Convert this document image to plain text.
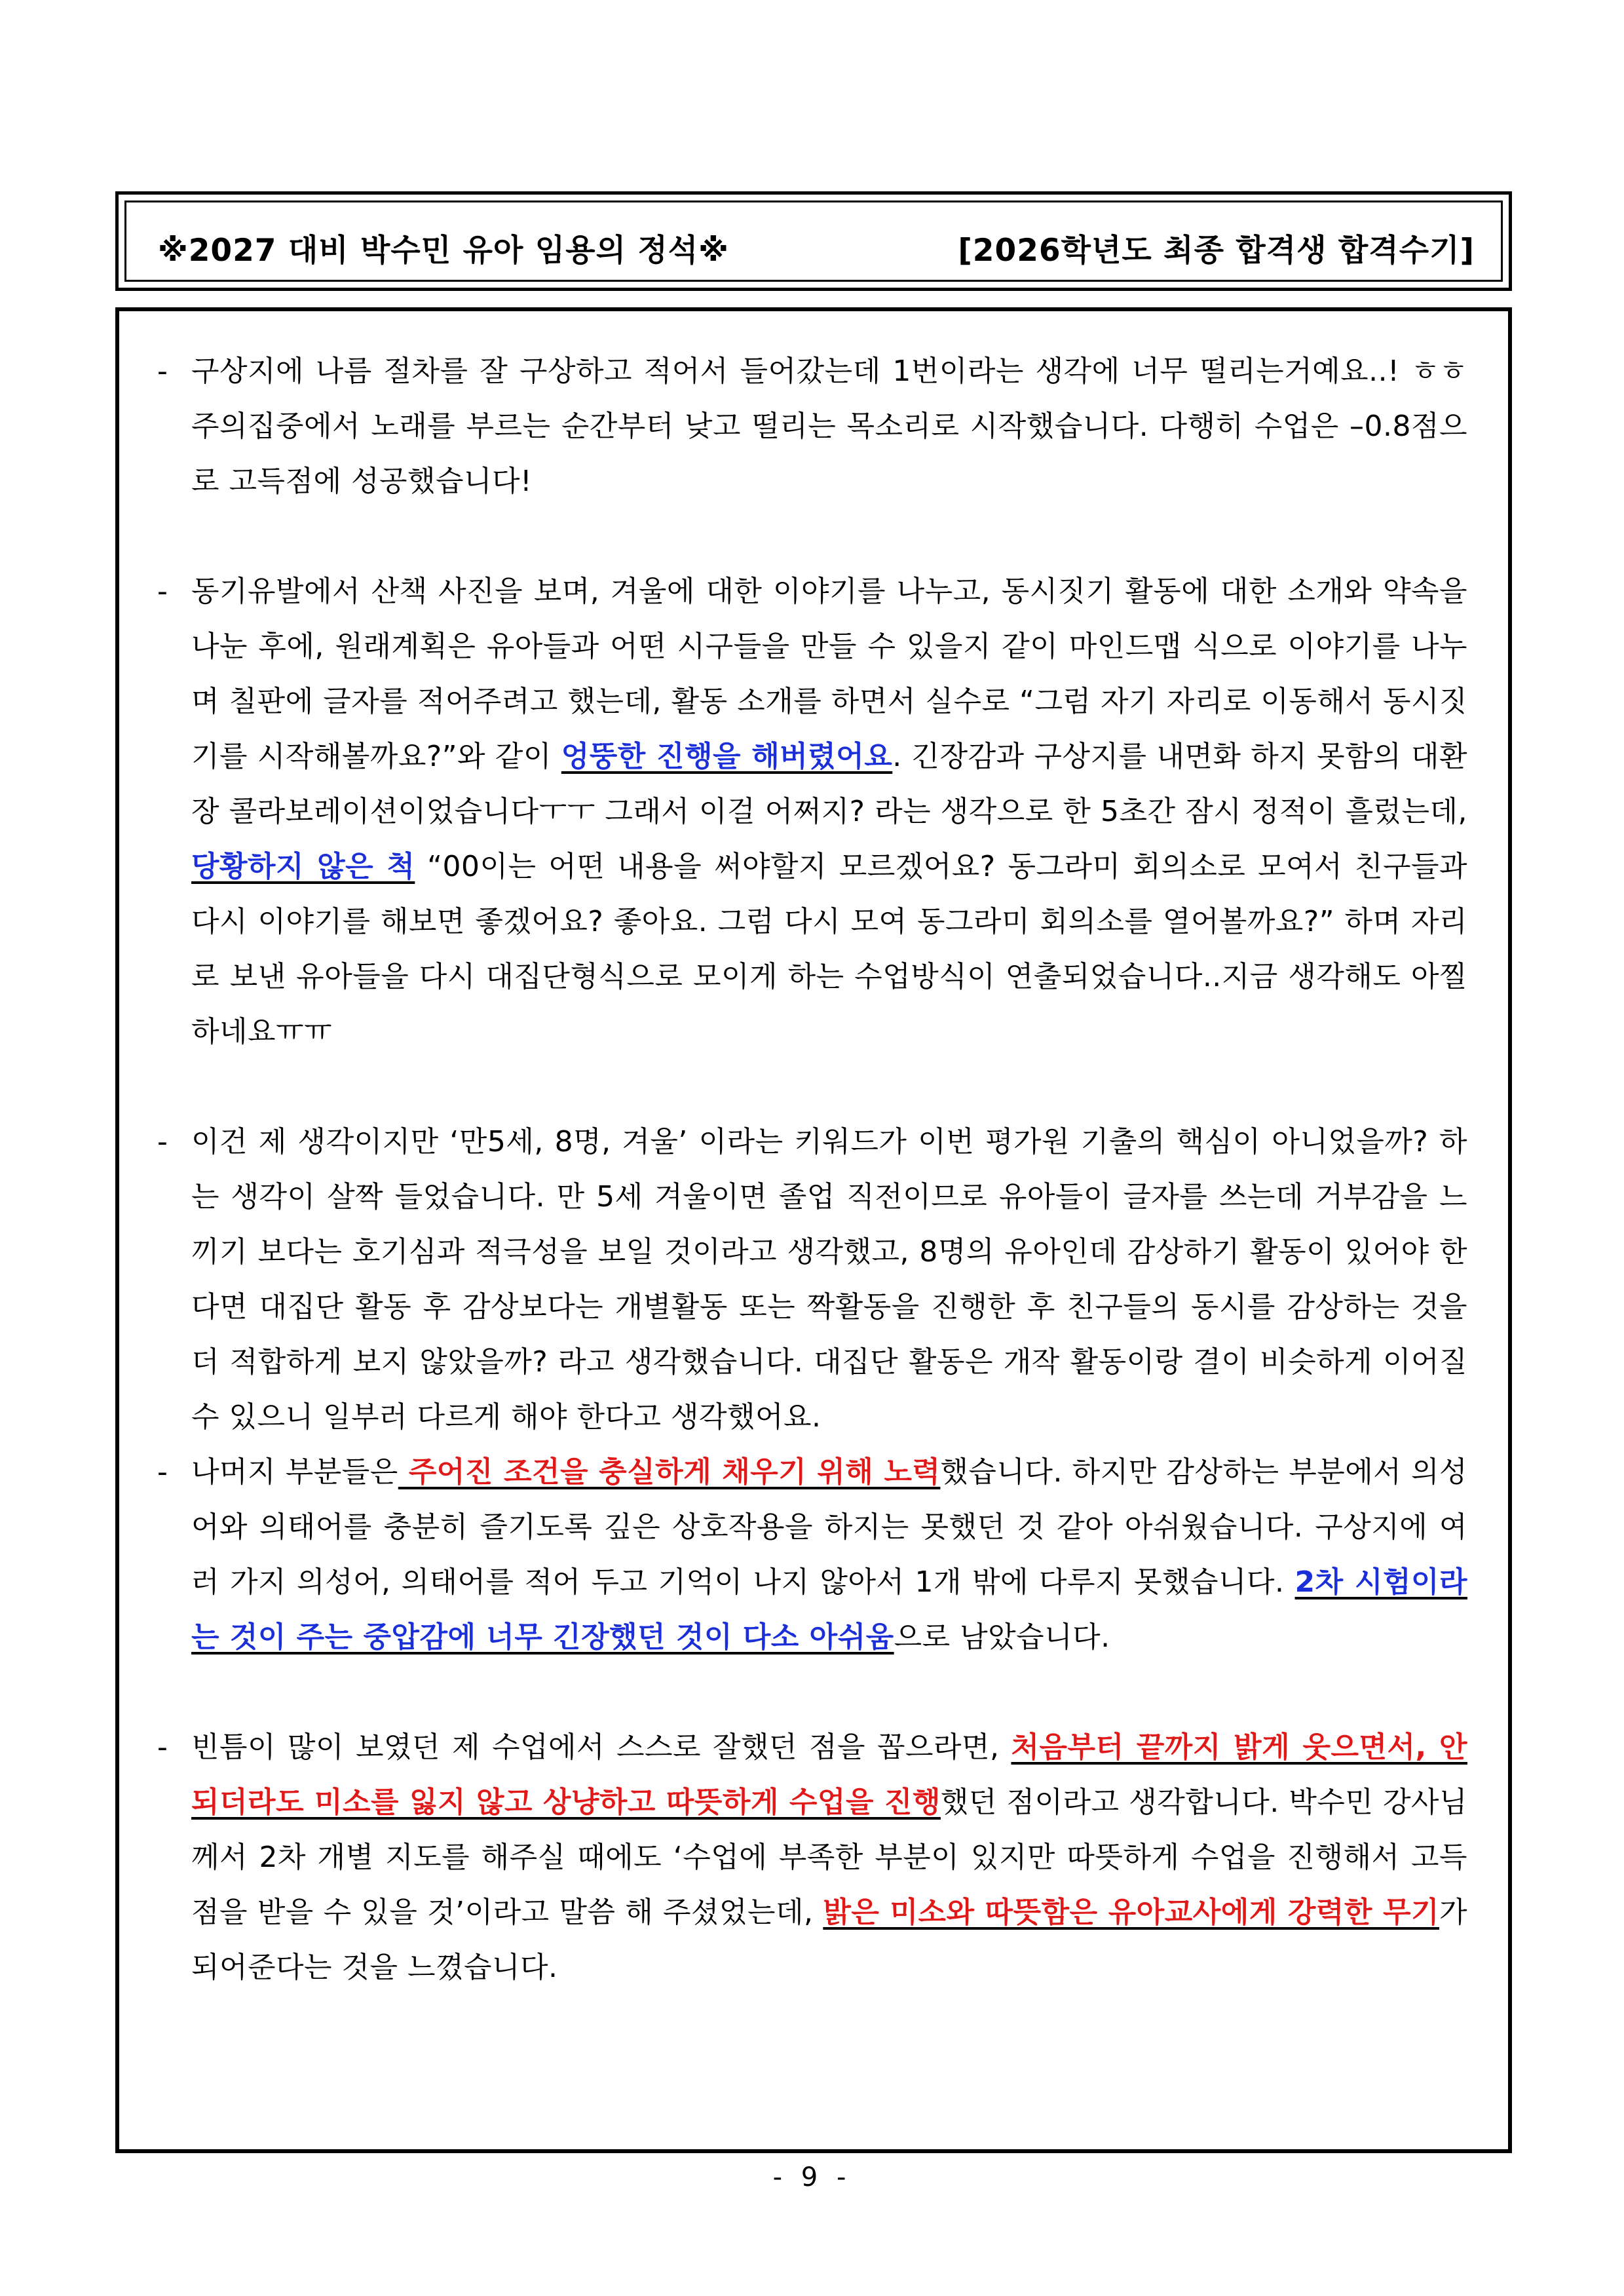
※2027 대비 박수민 유아 임용의 정석※	[2026학년도 최종 합격생 합격수기]
- 구상지에 나름 절차를 잘 구상하고 적어서 들어갔는데 1번이라는 생각에 너무 떨리는거예요..! ㅎㅎ 주의집중에서 노래를 부르는 순간부터 낮고 떨리는 목소리로 시작했습니다. 다행히 수업은 –0.8점으로 고득점에 성공했습니다!
- 동기유발에서 산책 사진을 보며, 겨울에 대한 이야기를 나누고, 동시짓기 활동에 대한 소개와 약속을 나눈 후에, 원래계획은 유아들과 어떤 시구들을 만들 수 있을지 같이 마인드맵 식으로 이야기를 나누며 칠판에 글자를 적어주려고 했는데, 활동 소개를 하면서 실수로 “그럼 자기 자리로 이동해서 동시짓기를 시작해볼까요?”와 같이 엉뚱한 진행을 해버렸어요. 긴장감과 구상지를 내면화 하지 못함의 대환장 콜라보레이션이었습니다ㅜㅜ 그래서 이걸 어쩌지? 라는 생각으로 한 5초간 잠시 정적이 흘렀는데, 당황하지 않은 척 “00이는 어떤 내용을 써야할지 모르겠어요? 동그라미 회의소로 모여서 친구들과 다시 이야기를 해보면 좋겠어요? 좋아요. 그럼 다시 모여 동그라미 회의소를 열어볼까요?” 하며 자리로 보낸 유아들을 다시 대집단형식으로 모이게 하는 수업방식이 연출되었습니다..지금 생각해도 아찔하네요ㅠㅠ
- 이건 제 생각이지만 ‘만5세, 8명, 겨울’ 이라는 키워드가 이번 평가원 기출의 핵심이 아니었을까? 하는 생각이 살짝 들었습니다. 만 5세 겨울이면 졸업 직전이므로 유아들이 글자를 쓰는데 거부감을 느끼기 보다는 호기심과 적극성을 보일 것이라고 생각했고, 8명의 유아인데 감상하기 활동이 있어야 한다면 대집단 활동 후 감상보다는 개별활동 또는 짝활동을 진행한 후 친구들의 동시를 감상하는 것을 더 적합하게 보지 않았을까? 라고 생각했습니다. 대집단 활동은 개작 활동이랑 결이 비슷하게 이어질 수 있으니 일부러 다르게 해야 한다고 생각했어요.
- 나머지 부분들은 주어진 조건을 충실하게 채우기 위해 노력했습니다. 하지만 감상하는 부분에서 의성어와 의태어를 충분히 즐기도록 깊은 상호작용을 하지는 못했던 것 같아 아쉬웠습니다. 구상지에 여러 가지 의성어, 의태어를 적어 두고 기억이 나지 않아서 1개 밖에 다루지 못했습니다. 2차 시험이라는 것이 주는 중압감에 너무 긴장했던 것이 다소 아쉬움으로 남았습니다.
- 빈틈이 많이 보였던 제 수업에서 스스로 잘했던 점을 꼽으라면, 처음부터 끝까지 밝게 웃으면서, 안 되더라도 미소를 잃지 않고 상냥하고 따뜻하게 수업을 진행했던 점이라고 생각합니다. 박수민 강사님께서 2차 개별 지도를 해주실 때에도 ‘수업에 부족한 부분이 있지만 따뜻하게 수업을 진행해서 고득점을 받을 수 있을 것’이라고 말씀 해 주셨었는데, 밝은 미소와 따뜻함은 유아교사에게 강력한 무기가 되어준다는 것을 느꼈습니다.
- 9 -
